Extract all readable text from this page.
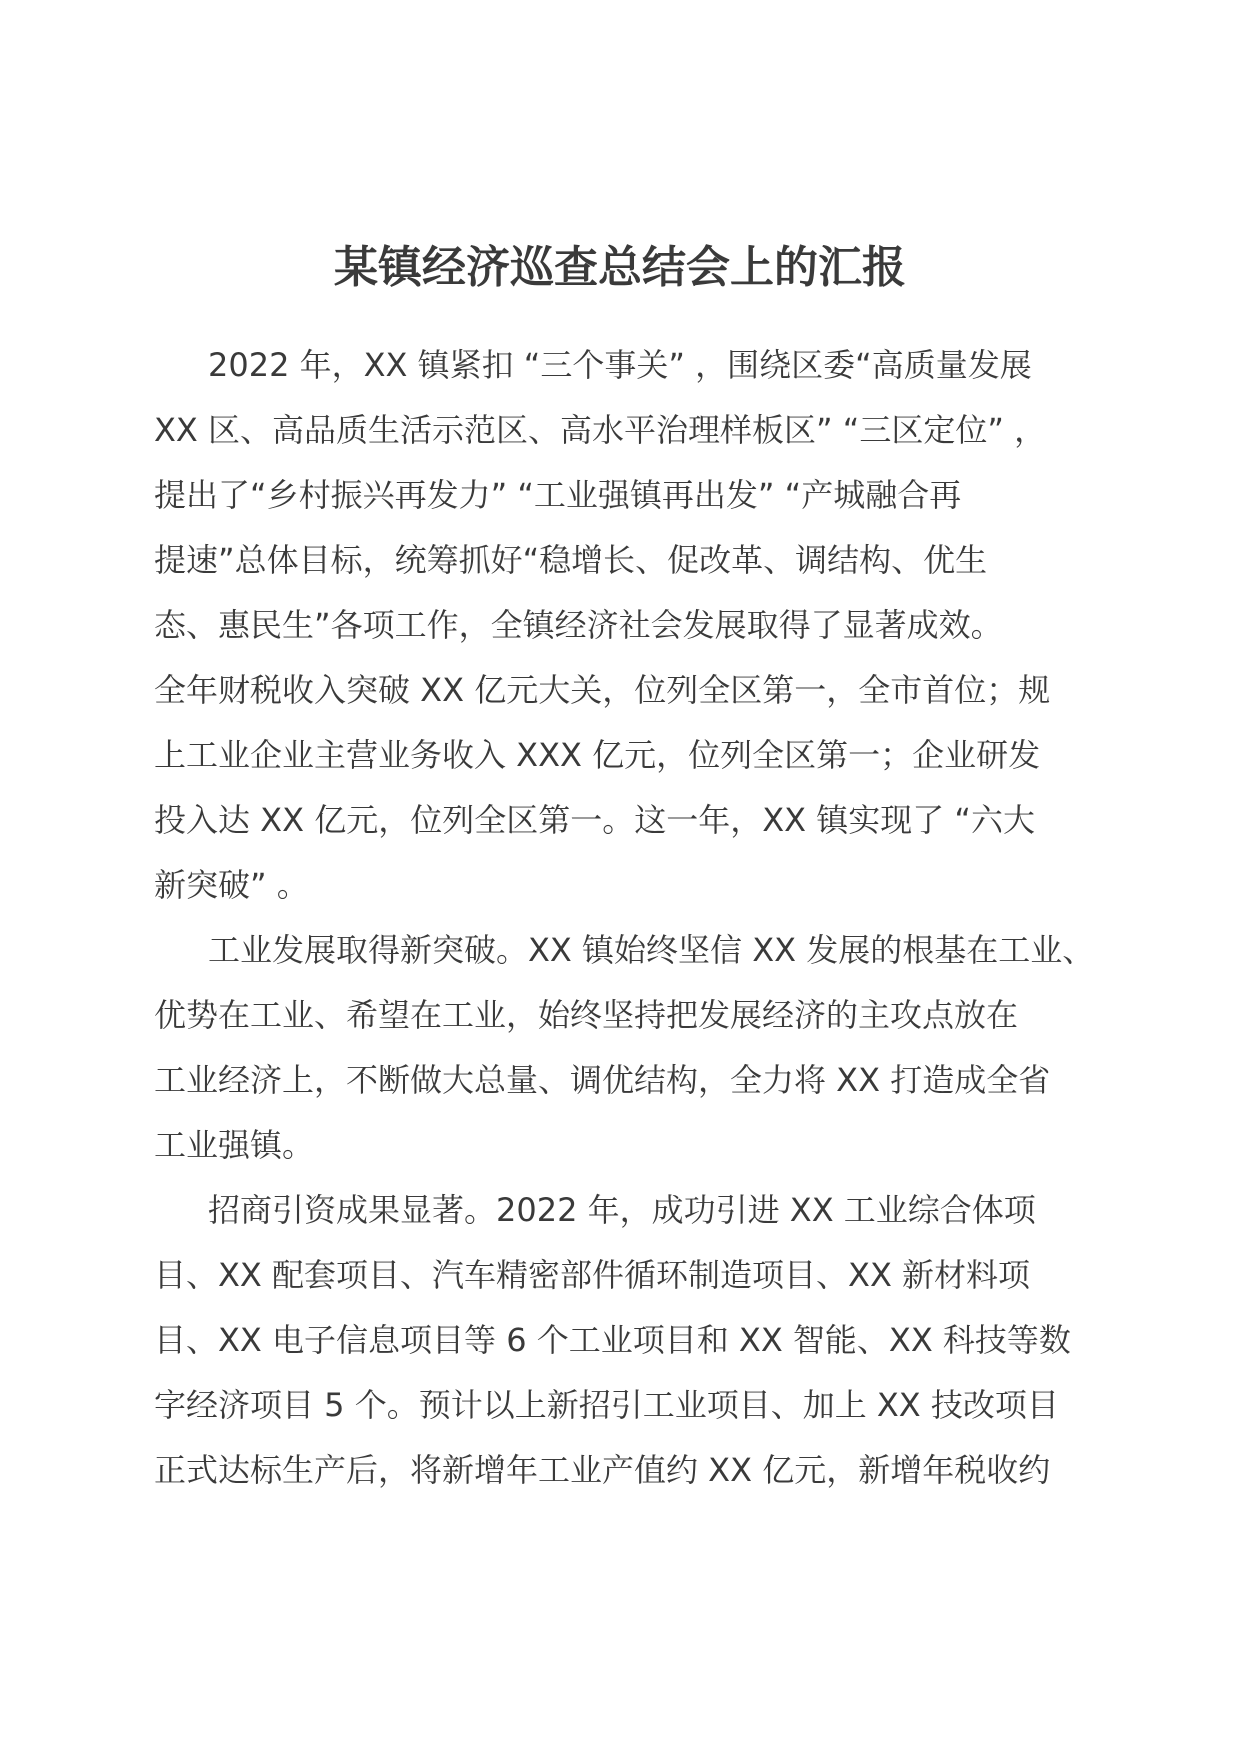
某镇经济巡查总结会上的汇报
2022 年，XX 镇紧扣 “三个事关” ，围绕区委“高质量发展
XX 区、高品质生活示范区、高水平治理样板区” “三区定位” ，
提出了“乡村振兴再发力” “工业强镇再出发” “产城融合再
提速”总体目标，统筹抓好“稳增长、促改革、调结构、优生
态、惠民生”各项工作，全镇经济社会发展取得了显著成效。
全年财税收入突破 XX 亿元大关，位列全区第一，全市首位；规
上工业企业主营业务收入 XXX 亿元，位列全区第一；企业研发
投入达 XX 亿元，位列全区第一。这一年，XX 镇实现了 “六大
新突破” 。
工业发展取得新突破。XX 镇始终坚信 XX 发展的根基在工业、
优势在工业、希望在工业，始终坚持把发展经济的主攻点放在
工业经济上，不断做大总量、调优结构，全力将 XX 打造成全省
工业强镇。
招商引资成果显著。2022 年，成功引进 XX 工业综合体项
目、XX 配套项目、汽车精密部件循环制造项目、XX 新材料项
目、XX 电子信息项目等 6 个工业项目和 XX 智能、XX 科技等数
字经济项目 5 个。预计以上新招引工业项目、加上 XX 技改项目
正式达标生产后，将新增年工业产值约 XX 亿元，新增年税收约
